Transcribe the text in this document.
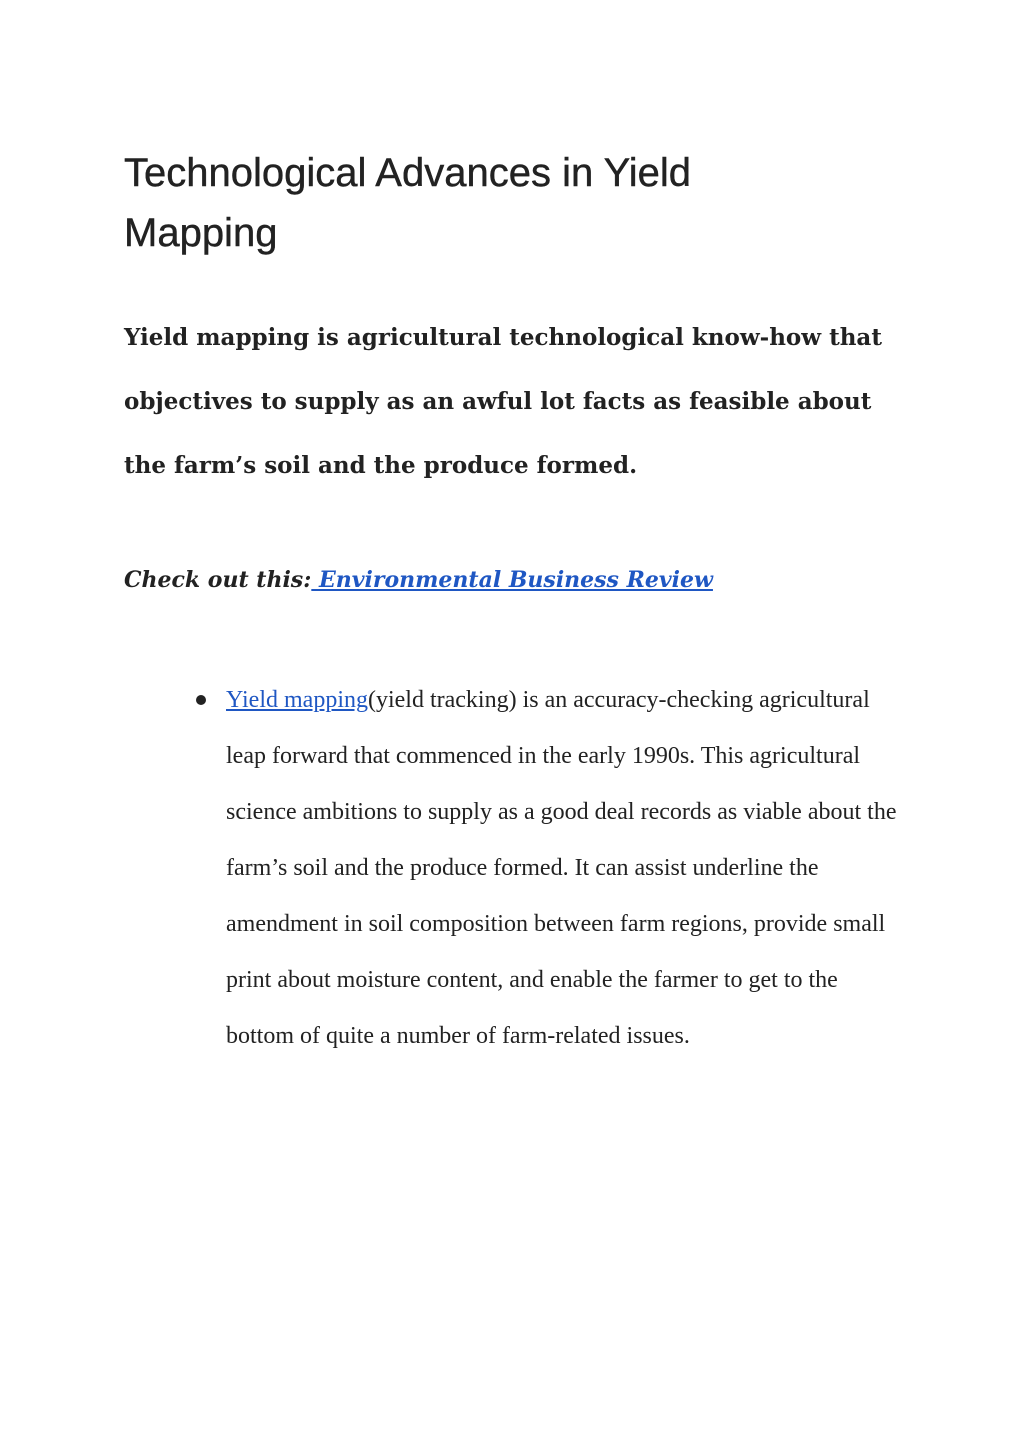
Technological Advances in Yield Mapping

Yield mapping is agricultural technological know-how that objectives to supply as an awful lot facts as feasible about the farm’s soil and the produce formed.

Check out this: Environmental Business Review

Yield mapping(yield tracking) is an accuracy-checking agricultural leap forward that commenced in the early 1990s. This agricultural science ambitions to supply as a good deal records as viable about the farm’s soil and the produce formed. It can assist underline the amendment in soil composition between farm regions, provide small print about moisture content, and enable the farmer to get to the bottom of quite a number of farm-related issues.
